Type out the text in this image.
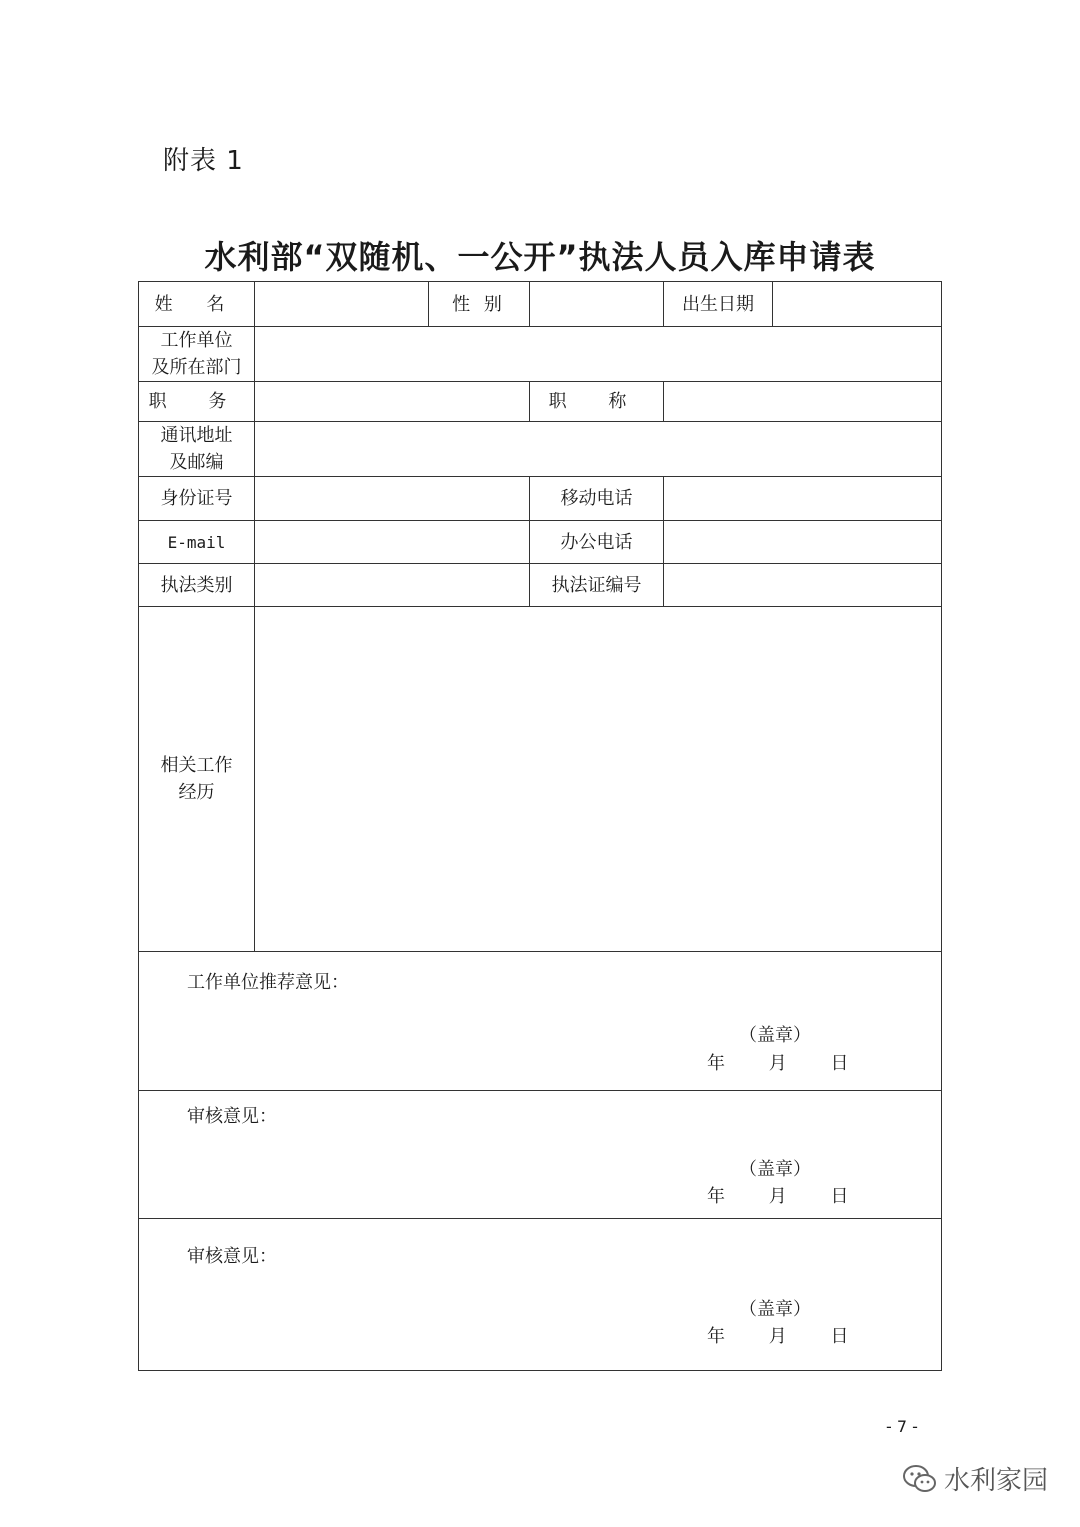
附表 1
水利部“双随机、一公开”执法人员入库申请表
姓 名		性 别		出生日期	

工作单位
及所在部门					

职 务			职 称		

通讯地址
及邮编					

身份证号			移动电话		
E-mail			办公电话		
执法类别			执法证编号		

相关工作
经历					

工作单位推荐意见：
（盖章）
年 月 日					

审核意见：
（盖章）
年 月 日					

审核意见：
（盖章）
年 月 日					
- 7 -
水利家园
